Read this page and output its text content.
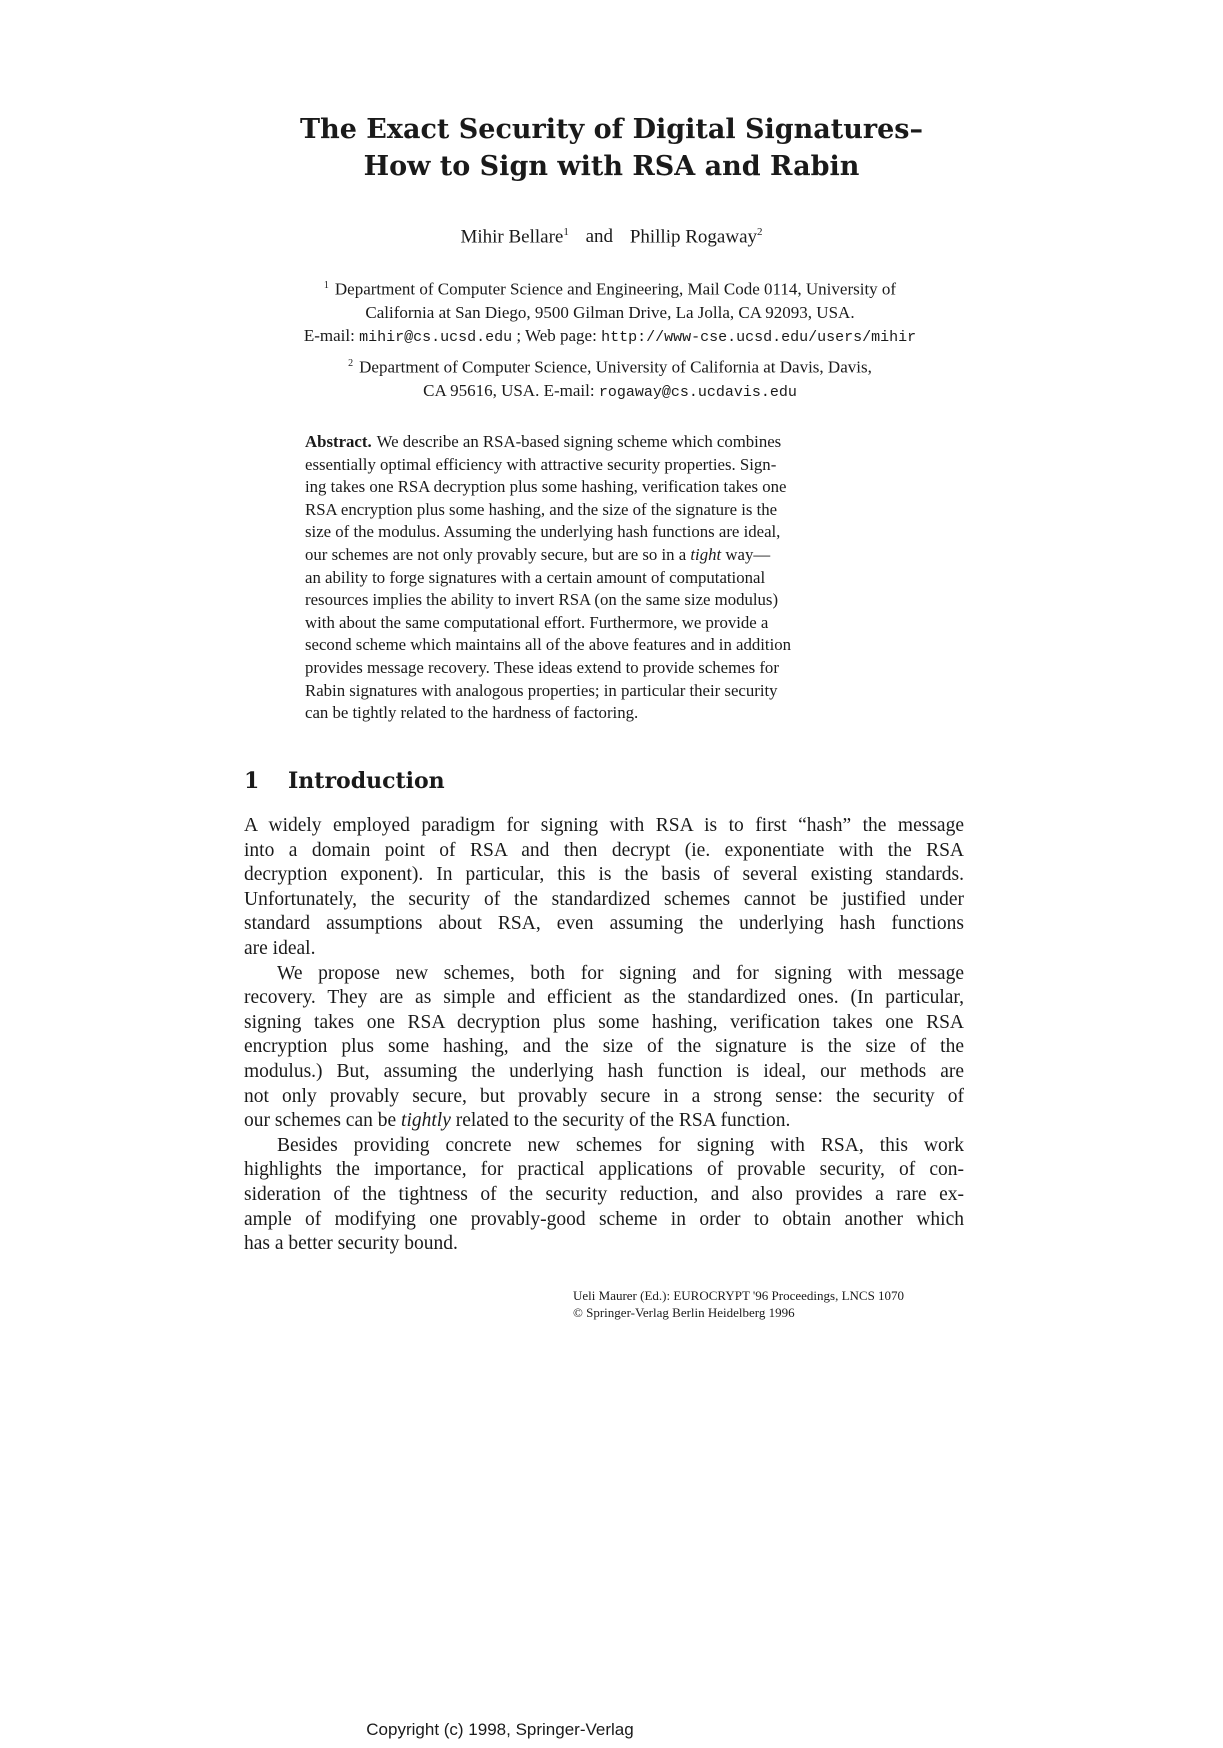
The Exact Security of Digital Signatures–
How to Sign with RSA and Rabin
Mihir Bellare$^1$ and Phillip Rogaway$^2$
$^1$ Department of Computer Science and Engineering, Mail Code 0114, University of
California at San Diego, 9500 Gilman Drive, La Jolla, CA 92093, USA.
E-mail: mihir@cs.ucsd.edu ; Web page: http://www-cse.ucsd.edu/users/mihir
$^2$ Department of Computer Science, University of California at Davis, Davis,
CA 95616, USA. E-mail: rogaway@cs.ucdavis.edu
Abstract. We describe an RSA-based signing scheme which combines
essentially optimal efficiency with attractive security properties. Sign-
ing takes one RSA decryption plus some hashing, verification takes one
RSA encryption plus some hashing, and the size of the signature is the
size of the modulus. Assuming the underlying hash functions are ideal,
our schemes are not only provably secure, but are so in a tight way—
an ability to forge signatures with a certain amount of computational
resources implies the ability to invert RSA (on the same size modulus)
with about the same computational effort. Furthermore, we provide a
second scheme which maintains all of the above features and in addition
provides message recovery. These ideas extend to provide schemes for
Rabin signatures with analogous properties; in particular their security
can be tightly related to the hardness of factoring.
1 Introduction
A widely employed paradigm for signing with RSA is to first “hash” the message
into a domain point of RSA and then decrypt (ie. exponentiate with the RSA
decryption exponent). In particular, this is the basis of several existing standards.
Unfortunately, the security of the standardized schemes cannot be justified under
standard assumptions about RSA, even assuming the underlying hash functions
are ideal.
We propose new schemes, both for signing and for signing with message
recovery. They are as simple and efficient as the standardized ones. (In particular,
signing takes one RSA decryption plus some hashing, verification takes one RSA
encryption plus some hashing, and the size of the signature is the size of the
modulus.) But, assuming the underlying hash function is ideal, our methods are
not only provably secure, but provably secure in a strong sense: the security of
our schemes can be tightly related to the security of the RSA function.
Besides providing concrete new schemes for signing with RSA, this work
highlights the importance, for practical applications of provable security, of con-
sideration of the tightness of the security reduction, and also provides a rare ex-
ample of modifying one provably-good scheme in order to obtain another which
has a better security bound.
Ueli Maurer (Ed.): EUROCRYPT '96 Proceedings, LNCS 1070
© Springer-Verlag Berlin Heidelberg 1996
Copyright (c) 1998, Springer-Verlag
